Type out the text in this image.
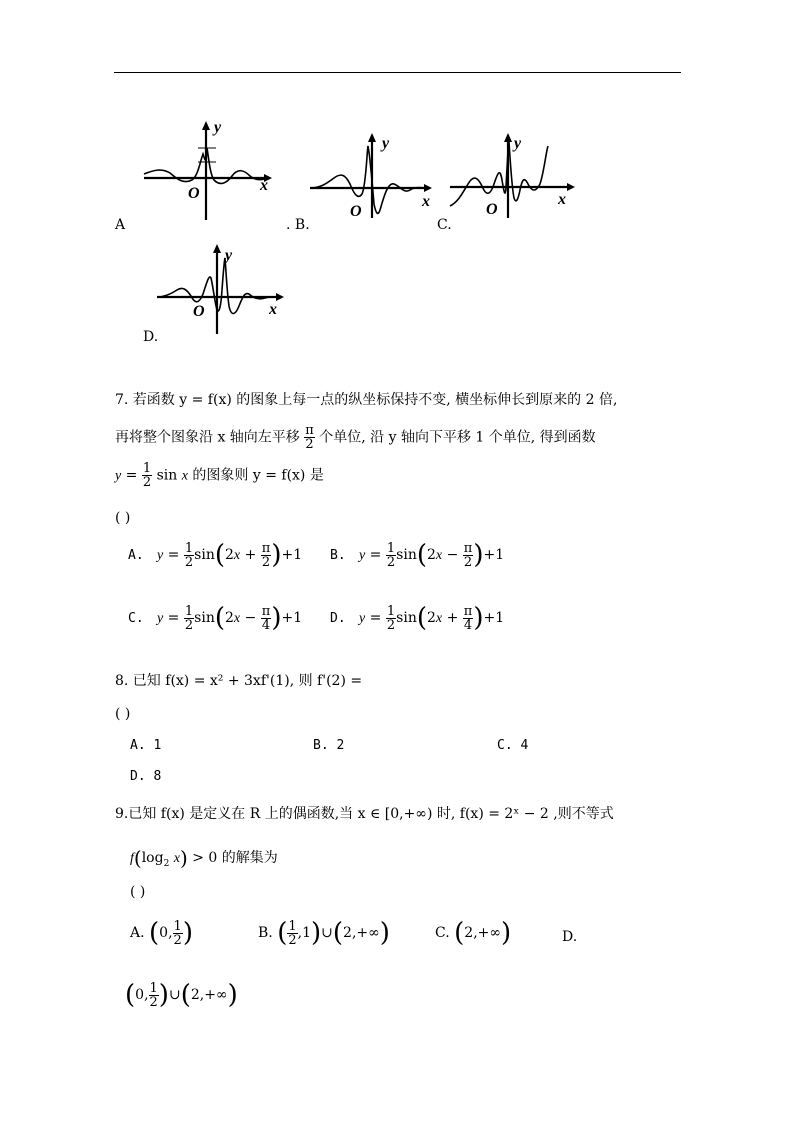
y
x
O
A
y
x
O
. B.
y
x
O
C.
y
x
O
D.
7. 若函数 y = f(x) 的图象上每一点的纵坐标保持不变, 横坐标伸长到原来的 2 倍,
再将整个图象沿 x 轴向左平移 $\frac{\pi}{2}$ 个单位, 沿 y 轴向下平移 1 个单位, 得到函数
$y = \frac{1}{2}$ sin x 的图象则 y = f(x) 是
( )
A. $y = \frac{1}{2} \sin(2x + \frac{\pi}{2} )+1$ B. $y = \frac{1}{2} \sin(2x - \frac{\pi}{2} )+1$
C. $y = \frac{1}{2} \sin(2x - \frac{\pi}{4} )+1$ D. $y = \frac{1}{2} \sin(2x + \frac{\pi}{4} )+1$
8. 已知 f(x) = x² + 3xf'(1), 则 f'(2) =
( )
A. 1	B. 2	C. 4
D. 8
9.已知 f(x) 是定义在 R 上的偶函数,当 x ∈ [0,+∞) 时, f(x) = 2ˣ − 2 ,则不等式
$f(\log_2$ x) > 0 的解集为
( )
A. (0, $\frac{1}{2}$ )	B. ( $\frac{1}{2}$ ,1)∪(2,+∞)	C. (2,+∞)	D.
(0, $\frac{1}{2}$ )∪(2,+∞)
